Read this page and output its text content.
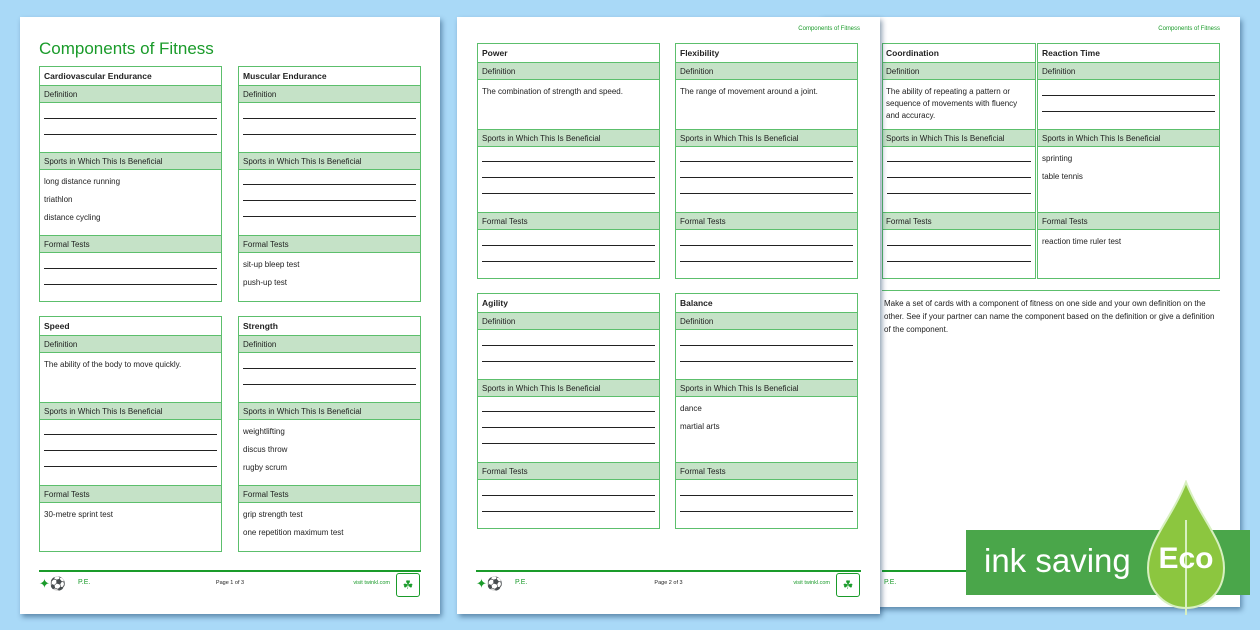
Components of Fitness
✦⚽	P.E.	Page 1 of 3	visit twinkl.com	☘
Cardiovascular Endurance
Definition
Sports in Which This Is Beneficial
long distance running
triathlon
distance cycling
Formal Tests
Muscular Endurance
Definition
Sports in Which This Is Beneficial
Formal Tests
sit-up bleep test
push-up test
Speed
Definition
The ability of the body to move quickly.
Sports in Which This Is Beneficial
Formal Tests
30-metre sprint test
Strength
Definition
Sports in Which This Is Beneficial
weightlifting
discus throw
rugby scrum
Formal Tests
grip strength test
one repetition maximum test
Components of Fitness
✦⚽	P.E.	Page 2 of 3	visit twinkl.com	☘
Power
Definition
The combination of strength and speed.
Sports in Which This Is Beneficial
Formal Tests
Flexibility
Definition
The range of movement around a joint.
Sports in Which This Is Beneficial
Formal Tests
Agility
Definition
Sports in Which This Is Beneficial
Formal Tests
Balance
Definition
Sports in Which This Is Beneficial
dance
martial arts
Formal Tests
Components of Fitness
Make a set of cards with a component of fitness on one side and your own definition on the other. See if your partner can name the component based on the definition or give a definition of the component.
P.E.
Coordination
Definition
The ability of repeating a pattern or sequence of movements with fluency and accuracy.
Sports in Which This Is Beneficial
Formal Tests
Reaction Time
Definition
Sports in Which This Is Beneficial
sprinting
table tennis
Formal Tests
reaction time ruler test
ink saving Eco
